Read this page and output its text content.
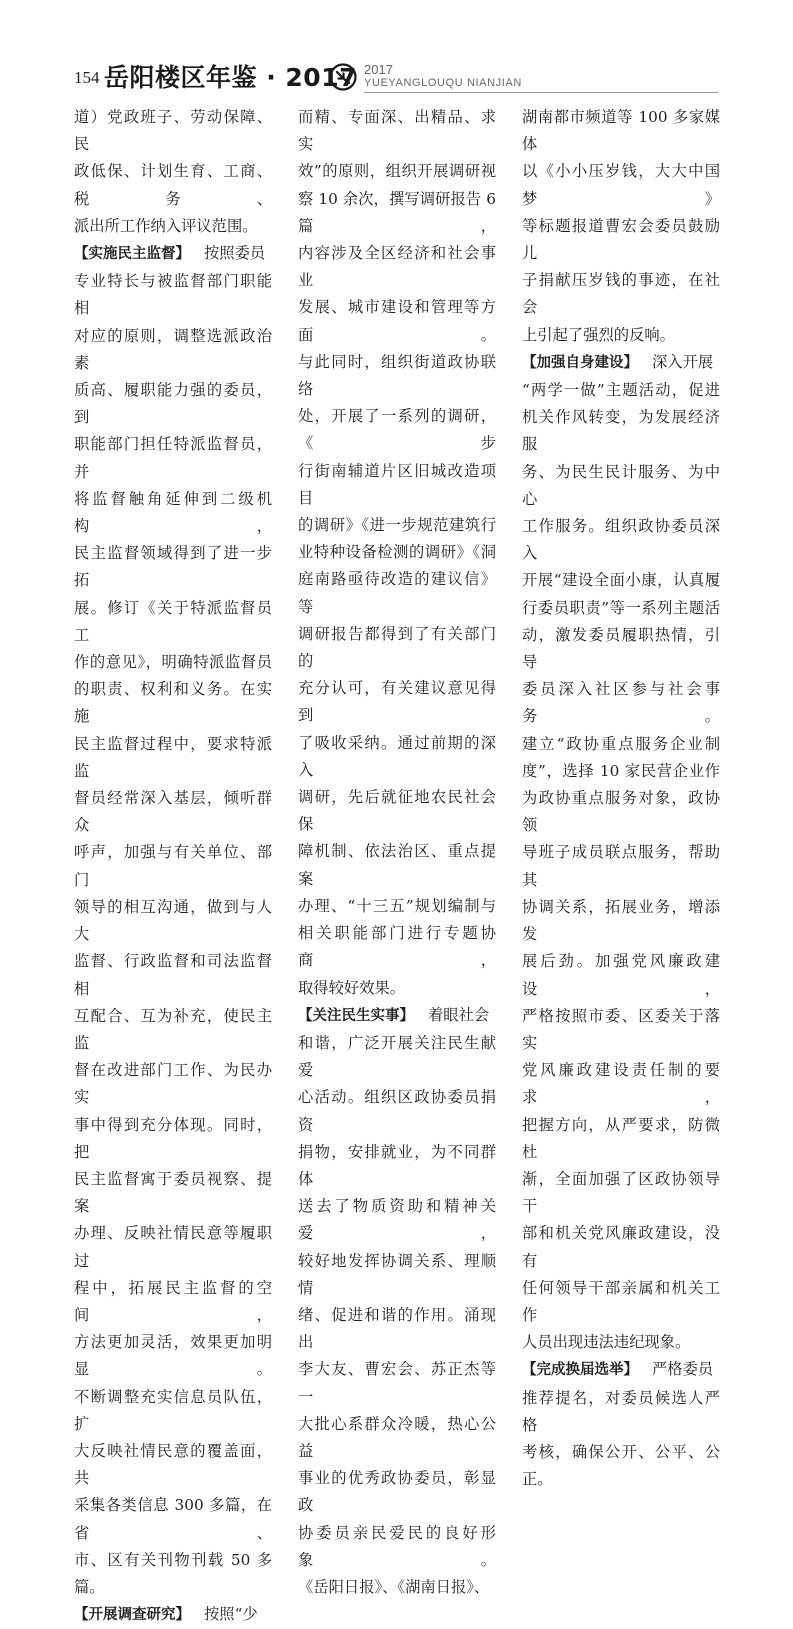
154 岳阳楼区年鉴 · 2017 2017
YUEYANGLOUQU NIANJIAN

道）党政班子、劳动保障、民

政低保、计划生育、工商、税务、

派出所工作纳入评议范围。

【实施民主监督】 按照委员

专业特长与被监督部门职能相

对应的原则，调整选派政治素

质高、履职能力强的委员，到

职能部门担任特派监督员，并

将监督触角延伸到二级机构，

民主监督领域得到了进一步拓

展。修订《关于特派监督员工

作的意见》，明确特派监督员

的职责、权利和义务。在实施

民主监督过程中，要求特派监

督员经常深入基层，倾听群众

呼声，加强与有关单位、部门

领导的相互沟通，做到与人大

监督、行政监督和司法监督相

互配合、互为补充，使民主监

督在改进部门工作、为民办实

事中得到充分体现。同时，把

民主监督寓于委员视察、提案

办理、反映社情民意等履职过

程中，拓展民主监督的空间，

方法更加灵活，效果更加明显。

不断调整充实信息员队伍，扩

大反映社情民意的覆盖面，共

采集各类信息 300 多篇，在省、

市、区有关刊物刊载 50 多篇。

【开展调查研究】 按照“少

而精、专面深、出精品、求实

效”的原则，组织开展调研视

察 10 余次，撰写调研报告 6 篇，

内容涉及全区经济和社会事业

发展、城市建设和管理等方面。

与此同时，组织街道政协联络

处，开展了一系列的调研，《步

行街南辅道片区旧城改造项目

的调研》《进一步规范建筑行

业特种设备检测的调研》《洞

庭南路亟待改造的建议信》等

调研报告都得到了有关部门的

充分认可，有关建议意见得到

了吸收采纳。通过前期的深入

调研，先后就征地农民社会保

障机制、依法治区、重点提案

办理、“十三五”规划编制与

相关职能部门进行专题协商，

取得较好效果。

【关注民生实事】 着眼社会

和谐，广泛开展关注民生献爱

心活动。组织区政协委员捐资

捐物，安排就业，为不同群体

送去了物质资助和精神关爱，

较好地发挥协调关系、理顺情

绪、促进和谐的作用。涌现出

李大友、曹宏会、苏正杰等一

大批心系群众冷暖，热心公益

事业的优秀政协委员，彰显政

协委员亲民爱民的良好形象。

《岳阳日报》、《湖南日报》、

湖南都市频道等 100 多家媒体

以《小小压岁钱，大大中国梦》

等标题报道曹宏会委员鼓励儿

子捐献压岁钱的事迹，在社会

上引起了强烈的反响。

【加强自身建设】 深入开展

“两学一做”主题活动，促进

机关作风转变，为发展经济服

务、为民生民计服务、为中心

工作服务。组织政协委员深入

开展“建设全面小康，认真履

行委员职责”等一系列主题活

动，激发委员履职热情，引导

委员深入社区参与社会事务。

建立“政协重点服务企业制

度”，选择 10 家民营企业作

为政协重点服务对象，政协领

导班子成员联点服务，帮助其

协调关系，拓展业务，增添发

展后劲。加强党风廉政建设，

严格按照市委、区委关于落实

党风廉政建设责任制的要求，

把握方向，从严要求，防微杜

渐，全面加强了区政协领导干

部和机关党风廉政建设，没有

任何领导干部亲属和机关工作

人员出现违法违纪现象。

【完成换届选举】 严格委员

推荐提名，对委员候选人严格

考核，确保公开、公平、公正。
